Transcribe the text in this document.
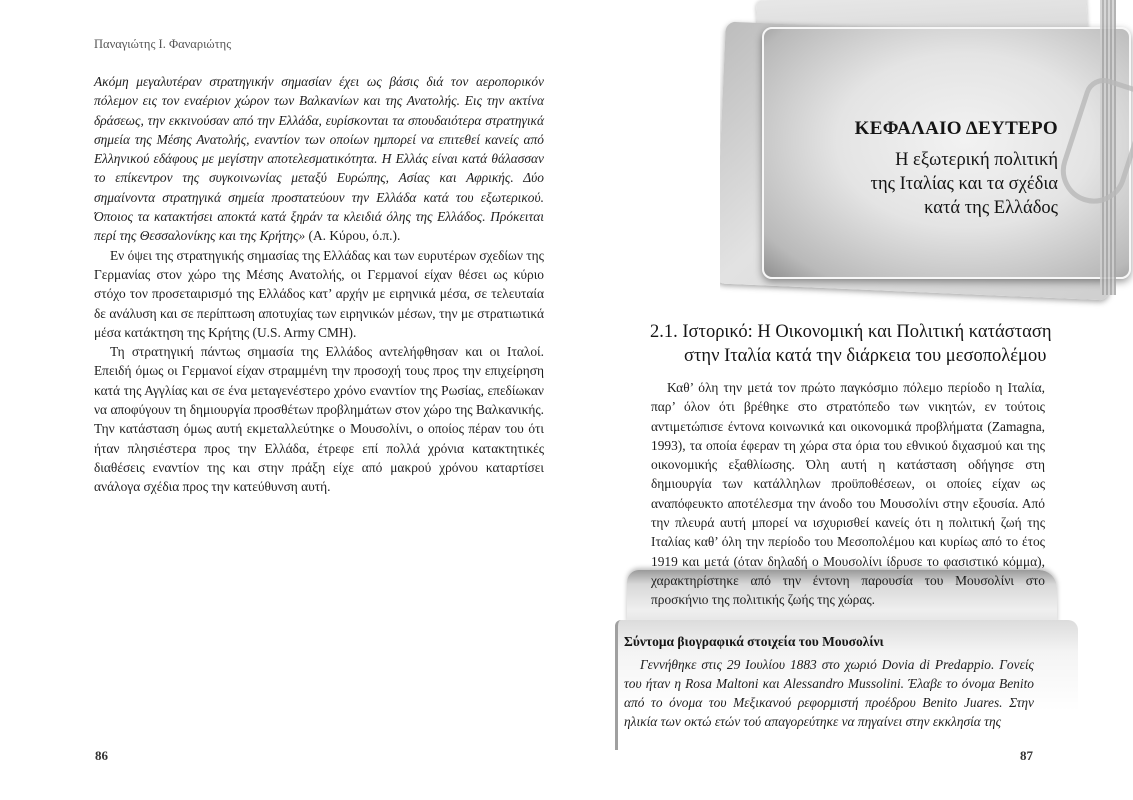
Παναγιώτης Ι. Φαναριώτης

Ακόμη μεγαλυτέραν στρατηγικήν σημασίαν έχει ως βάσις διά τον αεροπορικόν πόλεμον εις τον εναέριον χώρον των Βαλκανίων και της Ανατολής. Εις την ακτίνα δράσεως, την εκκινούσαν από την Ελλάδα, ευρίσκονται τα σπουδαιότερα στρατηγικά σημεία της Μέσης Ανατολής, εναντίον των οποίων ημπορεί να επιτεθεί κανείς από Ελληνικού εδάφους με μεγίστην αποτελεσματικότητα. Η Ελλάς είναι κατά θάλασσαν το επίκεντρον της συγκοινωνίας μεταξύ Ευρώπης, Ασίας και Αφρικής. Δύο σημαίνοντα στρατηγικά σημεία προστατεύουν την Ελλάδα κατά του εξωτερικού. Όποιος τα κατακτήσει αποκτά κατά ξηράν τα κλειδιά όλης της Ελλάδος. Πρόκειται περί της Θεσσαλονίκης και της Κρήτης» (Α. Κύρου, ό.π.).

Εν όψει της στρατηγικής σημασίας της Ελλάδας και των ευρυτέρων σχεδίων της Γερμανίας στον χώρο της Μέσης Ανατολής, οι Γερμανοί είχαν θέσει ως κύριο στόχο τον προσεταιρισμό της Ελλάδος κατ’ αρχήν με ειρηνικά μέσα, σε τελευταία δε ανάλυση και σε περίπτωση αποτυχίας των ειρηνικών μέσων, την με στρατιωτικά μέσα κατάκτηση της Κρήτης (U.S. Army CMH).

Τη στρατηγική πάντως σημασία της Ελλάδος αντελήφθησαν και οι Ιταλοί. Επειδή όμως οι Γερμανοί είχαν στραμμένη την προσοχή τους προς την επιχείρηση κατά της Αγγλίας και σε ένα μεταγενέστερο χρόνο εναντίον της Ρωσίας, επεδίωκαν να αποφύγουν τη δημιουργία προσθέτων προβλημάτων στον χώρο της Βαλκανικής. Την κατάσταση όμως αυτή εκμεταλλεύτηκε ο Μουσολίνι, ο οποίος πέραν του ότι ήταν πλησιέστερα προς την Ελλάδα, έτρεφε επί πολλά χρόνια κατακτητικές διαθέσεις εναντίον της και στην πράξη είχε από μακρού χρόνου καταρτίσει ανάλογα σχέδια προς την κατεύθυνση αυτή.

86
ΚΕΦΑΛΑΙΟ ΔΕΥΤΕΡΟ
Η εξωτερική πολιτική
της Ιταλίας και τα σχέδια
κατά της Ελλάδος
2.1. Ιστορικό: Η Οικονομική και Πολιτική κατάσταση
στην Ιταλία κατά την διάρκεια του μεσοπολέμου

Καθ’ όλη την μετά τον πρώτο παγκόσμιο πόλεμο περίοδο η Ιταλία, παρ’ όλον ότι βρέθηκε στο στρατόπεδο των νικητών, εν τούτοις αντιμετώπισε έντονα κοινωνικά και οικονομικά προβλήματα (Zamagna, 1993), τα οποία έφεραν τη χώρα στα όρια του εθνικού διχασμού και της οικονομικής εξαθλίωσης. Όλη αυτή η κατάσταση οδήγησε στη δημιουργία των κατάλληλων προϋποθέσεων, οι οποίες είχαν ως αναπόφευκτο αποτέλεσμα την άνοδο του Μουσολίνι στην εξουσία. Από την πλευρά αυτή μπορεί να ισχυρισθεί κανείς ότι η πολιτική ζωή της Ιταλίας καθ’ όλη την περίοδο του Μεσοπολέμου και κυρίως από το έτος 1919 και μετά (όταν δηλαδή ο Μουσολίνι ίδρυσε το φασιστικό κόμμα), χαρακτηρίστηκε από την έντονη παρουσία του Μουσολίνι στο προσκήνιο της πολιτικής ζωής της χώρας.

Σύντομα βιογραφικά στοιχεία του Μουσολίνι

Γεννήθηκε στις 29 Ιουλίου 1883 στο χωριό Dovia di Predappio. Γονείς του ήταν η Rosa Maltoni και Alessandro Mussolini. Έλαβε το όνομα Benito από το όνομα του Μεξικανού ρεφορμιστή προέδρου Benito Juares. Στην ηλικία των οκτώ ετών τού απαγορεύτηκε να πηγαίνει στην εκκλησία της

87
